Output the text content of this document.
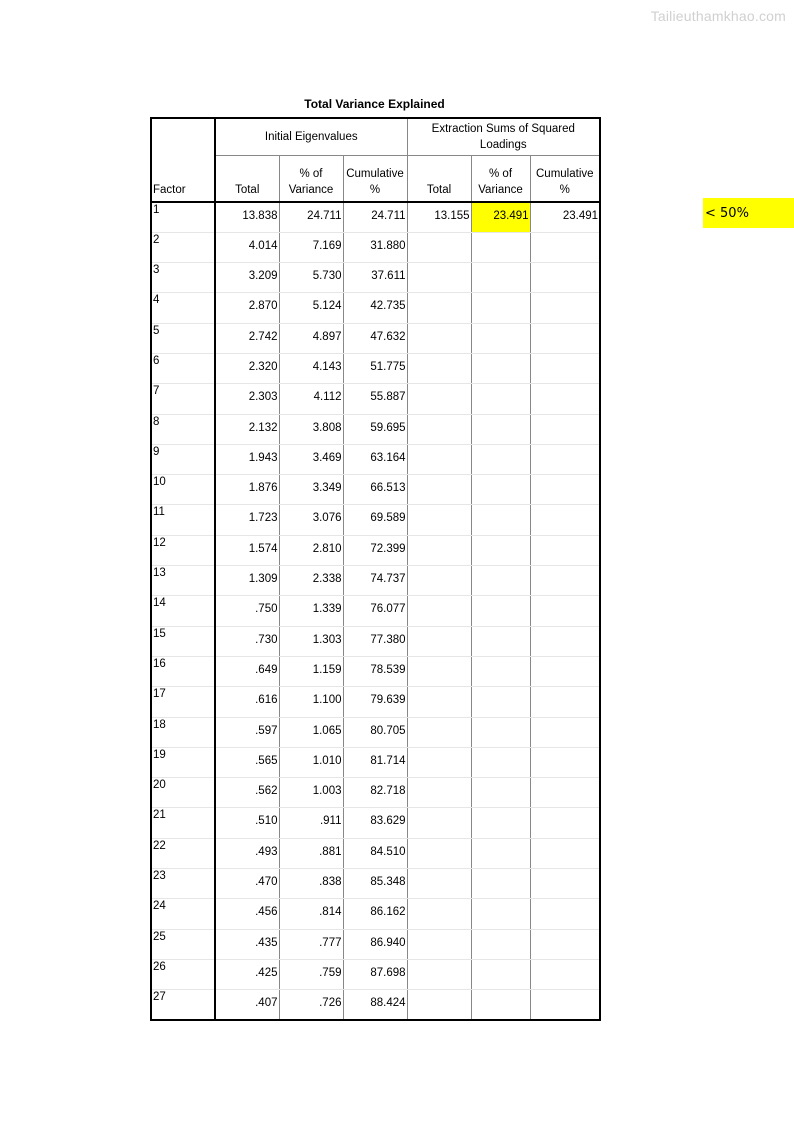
Tailieuthamkhao.com
Total Variance Explained
	Initial Eigenvalues			Extraction Sums of Squared Loadings		
Factor	Total	% of Variance	Cumulative %	Total	% of Variance	Cumulative %
1	13.838	24.711	24.711	13.155	23.491	23.491
2	4.014	7.169	31.880			
3	3.209	5.730	37.611			
4	2.870	5.124	42.735			
5	2.742	4.897	47.632			
6	2.320	4.143	51.775			
7	2.303	4.112	55.887			
8	2.132	3.808	59.695			
9	1.943	3.469	63.164			
10	1.876	3.349	66.513			
11	1.723	3.076	69.589			
12	1.574	2.810	72.399			
13	1.309	2.338	74.737			
14	.750	1.339	76.077			
15	.730	1.303	77.380			
16	.649	1.159	78.539			
17	.616	1.100	79.639			
18	.597	1.065	80.705			
19	.565	1.010	81.714			
20	.562	1.003	82.718			
21	.510	.911	83.629			
22	.493	.881	84.510			
23	.470	.838	85.348			
24	.456	.814	86.162			
25	.435	.777	86.940			
26	.425	.759	87.698			
27	.407	.726	88.424			
< 50%
